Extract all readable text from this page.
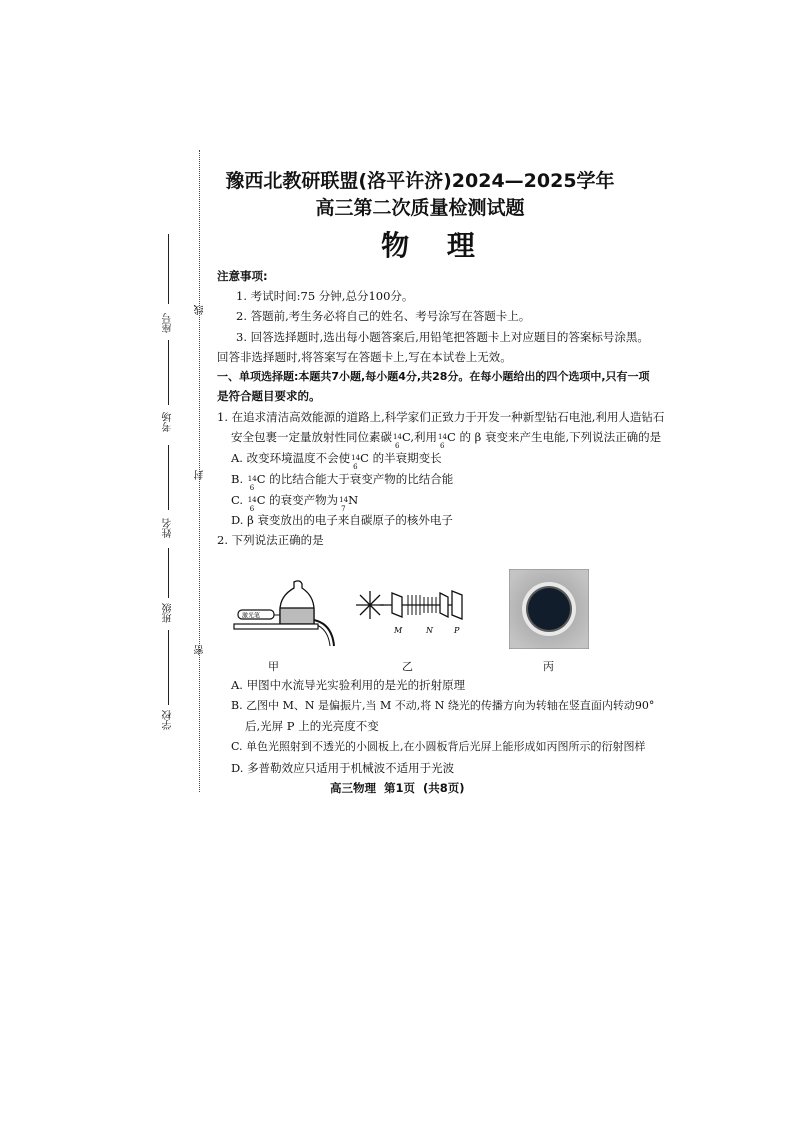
线
封
密
座号
考场
姓名
班级
学校
豫西北教研联盟(洛平许济)2024—2025学年
高三第二次质量检测试题
物 理
注意事项:
1. 考试时间:75 分钟,总分100分。
2. 答题前,考生务必将自己的姓名、考号涂写在答题卡上。
3. 回答选择题时,选出每小题答案后,用铅笔把答题卡上对应题目的答案标号涂黑。
回答非选择题时,将答案写在答题卡上,写在本试卷上无效。
一、单项选择题:本题共7小题,每小题4分,共28分。在每小题给出的四个选项中,只有一项
是符合题目要求的。
1. 在追求清洁高效能源的道路上,科学家们正致力于开发一种新型钻石电池,利用人造钻石
安全包裹一定量放射性同位素碳 14
6
C,利用 14
6
C 的 β 衰变来产生电能,下列说法正确的是
A. 改变环境温度不会使 14
6
C 的半衰期变长
B. 14
6
C 的比结合能大于衰变产物的比结合能
C. 14
6
C 的衰变产物为 14
7
N
D. β 衰变放出的电子来自碳原子的核外电子
2. 下列说法正确的是
激光笔
M	N	P
甲	乙	丙
A. 甲图中水流导光实验利用的是光的折射原理
B. 乙图中 M、N 是偏振片,当 M 不动,将 N 绕光的传播方向为转轴在竖直面内转动90°
后,光屏 P 上的光亮度不变
C. 单色光照射到不透光的小圆板上,在小圆板背后光屏上能形成如丙图所示的衍射图样
D. 多普勒效应只适用于机械波不适用于光波
高三物理  第1页  (共8页)
